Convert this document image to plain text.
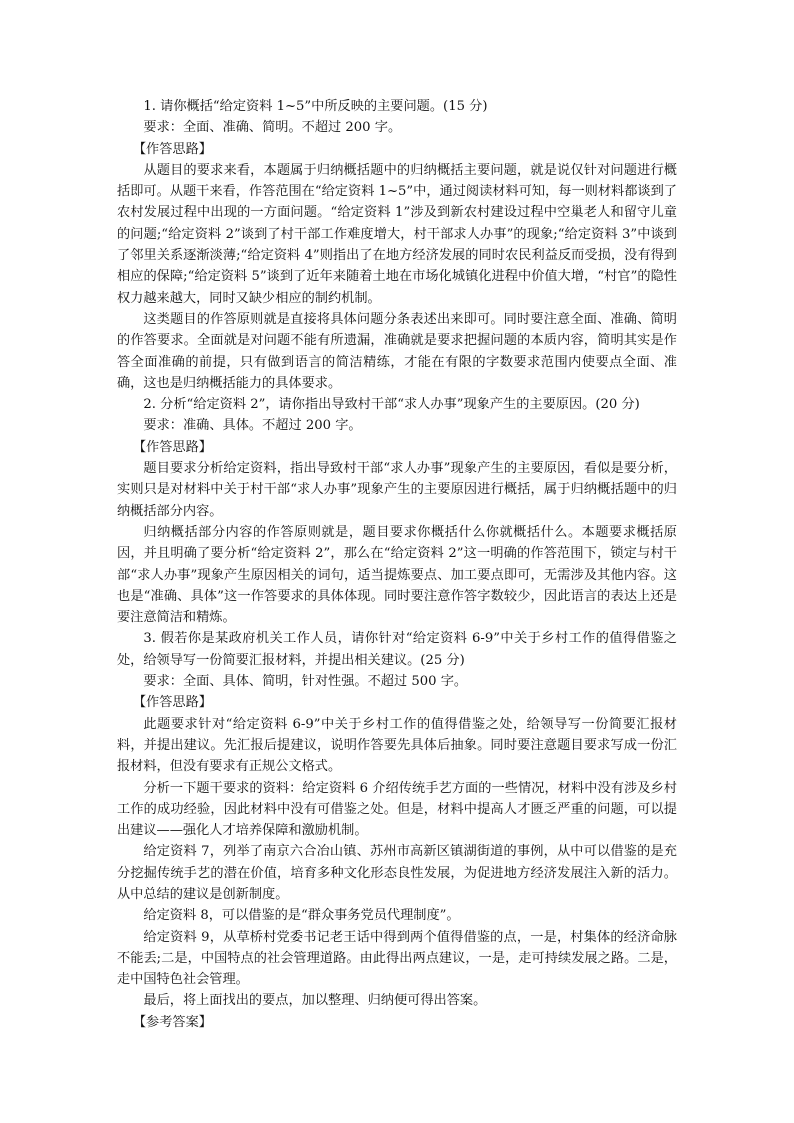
1. 请你概括“给定资料 1~5”中所反映的主要问题。(15 分)

要求：全面、准确、简明。不超过 200 字。

【作答思路】

从题目的要求来看，本题属于归纳概括题中的归纳概括主要问题，就是说仅针对问题进行概括即可。从题干来看，作答范围在“给定资料 1~5”中，通过阅读材料可知，每一则材料都谈到了农村发展过程中出现的一方面问题。“给定资料 1”涉及到新农村建设过程中空巢老人和留守儿童的问题;“给定资料 2”谈到了村干部工作难度增大，村干部求人办事”的现象;“给定资料 3”中谈到了邻里关系逐渐淡薄;“给定资料 4”则指出了在地方经济发展的同时农民利益反而受损，没有得到相应的保障;“给定资料 5”谈到了近年来随着土地在市场化城镇化进程中价值大增，“村官”的隐性权力越来越大，同时又缺少相应的制约机制。

这类题目的作答原则就是直接将具体问题分条表述出来即可。同时要注意全面、准确、简明的作答要求。全面就是对问题不能有所遗漏，准确就是要求把握问题的本质内容，简明其实是作答全面准确的前提，只有做到语言的简洁精练，才能在有限的字数要求范围内使要点全面、准确，这也是归纳概括能力的具体要求。

2. 分析“给定资料 2”，请你指出导致村干部“求人办事”现象产生的主要原因。(20 分)

要求：准确、具体。不超过 200 字。

【作答思路】

题目要求分析给定资料，指出导致村干部“求人办事”现象产生的主要原因，看似是要分析，实则只是对材料中关于村干部“求人办事”现象产生的主要原因进行概括，属于归纳概括题中的归纳概括部分内容。

归纳概括部分内容的作答原则就是，题目要求你概括什么你就概括什么。本题要求概括原因，并且明确了要分析“给定资料 2”，那么在“给定资料 2”这一明确的作答范围下，锁定与村干部“求人办事”现象产生原因相关的词句，适当提炼要点、加工要点即可，无需涉及其他内容。这也是“准确、具体”这一作答要求的具体体现。同时要注意作答字数较少，因此语言的表达上还是要注意简洁和精炼。

3. 假若你是某政府机关工作人员，请你针对“给定资料 6-9”中关于乡村工作的值得借鉴之处，给领导写一份简要汇报材料，并提出相关建议。(25 分)

要求：全面、具体、简明，针对性强。不超过 500 字。

【作答思路】

此题要求针对“给定资料 6-9”中关于乡村工作的值得借鉴之处，给领导写一份简要汇报材料，并提出建议。先汇报后提建议，说明作答要先具体后抽象。同时要注意题目要求写成一份汇报材料，但没有要求有正规公文格式。

分析一下题干要求的资料：给定资料 6 介绍传统手艺方面的一些情况，材料中没有涉及乡村工作的成功经验，因此材料中没有可借鉴之处。但是，材料中提高人才匮乏严重的问题，可以提出建议——强化人才培养保障和激励机制。

给定资料 7，列举了南京六合冶山镇、苏州市高新区镇湖街道的事例，从中可以借鉴的是充分挖掘传统手艺的潜在价值，培育多种文化形态良性发展，为促进地方经济发展注入新的活力。从中总结的建议是创新制度。

给定资料 8，可以借鉴的是“群众事务党员代理制度”。

给定资料 9，从草桥村党委书记老王话中得到两个值得借鉴的点，一是，村集体的经济命脉不能丢;二是，中国特点的社会管理道路。由此得出两点建议，一是，走可持续发展之路。二是，走中国特色社会管理。

最后，将上面找出的要点，加以整理、归纳便可得出答案。

【参考答案】
